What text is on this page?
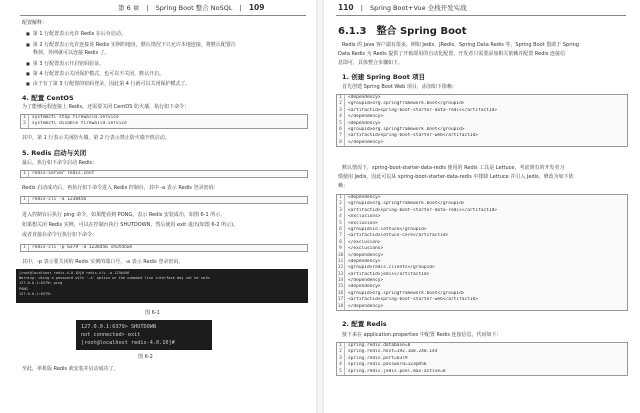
第 6 章 | Spring Boot 整合 NoSQL | 109
配置解释：
■ 第 1 行配置表示允许 Redis 在后台启动。
■ 第 2 行配置表示允许连接该 Redis 实例的地址，默认情况下只允许本地连接，将默认配置注
释掉，外网就可以连接 Redis 了。
■ 第 3 行配置表示开启密码验证。
■ 第 4 行配置表示关闭保护模式，也可以不关闭，默认开启。
■ 由于有了第 3 行配置的密码登录，因此第 4 行就可以关闭保护模式了。
4. 配置 CentOS
为了能够远程连接上 Redis，还需要关闭 CentOS 防火墙，执行如下命令：
1	systemctl stop firewalld.service
2	systemctl disable firewalld.service
其中，第 1 行表示关闭防火墙，第 2 行表示禁止防火墙开机启动。
5. Redis 启动与关闭
最后，执行如下命令启动 Redis：
1	redis-server redis.conf
Redis 启动成功后，再执行如下命令进入 Redis 控制台，其中 -a 表示 Redis 登录密码：
1	redis-cli -a 1238456
进入控制台后执行 ping 命令，如果能看到 PONG，表示 Redis 安装成功，如图 6-1 所示。
如果想关闭 Redis 实例，可以在控制台执行 SHUTDOWN，然后使用 exit 退出(如图 6-2 所示)。
或者直接在命令行执行如下命令：
1	redis-cli -p 6379 -a 1238456 shutdown
其中，-p 表示要关闭的 Redis 实例的端口号，-a 表示 Redis 登录密码。
[root@localhost redis-4.0.10]# redis-cli -a 123@456
Warning: Using a password with '-a' option on the command line interface may not be safe.
127.0.0.1:6379> ping
PONG
127.0.0.1:6379>
图 6-1
127.0.0.1:6379> SHUTDOWN
not connected> exit
[root@localhost redis-4.0.10]#
图 6-2
至此，单机版 Redis 就安装并启动成功了。
110 | Spring Boot+Vue 全栈开发实战
6.1.3 整合 Spring Boot
Redis 的 Java 客户端有很多，例如 Jedis、JRedis、Spring Data Redis 等，Spring Boot 借助于 Spring
Data Redis 为 Redis 提供了开箱即用的自动化配置，开发者只需要添加相关依赖并配置 Redis 连接信
息即可，具体整合步骤如下。
1. 创建 Spring Boot 项目
首先创建 Spring Boot Web 项目，添加如下依赖：
1	<dependency>
2	<groupId>org.springframework.boot</groupId>
3	<artifactId>spring-boot-starter-data-redis</artifactId>
4	</dependency>
5	<dependency>
6	<groupId>org.springframework.boot</groupId>
7	<artifactId>spring-boot-starter-web</artifactId>
8	</dependency>
默认情况下，spring-boot-starter-data-redis 使用的 Redis 工具是 Lettuce，考虑到有的开发者习
惯使用 Jedis，因此可以从 spring-boot-starter-data-redis 中排除 Lettuce 并引入 Jedis，修改为如下依
赖：
1	<dependency>
2	<groupId>org.springframework.boot</groupId>
3	<artifactId>spring-boot-starter-data-redis</artifactId>
4	<exclusions>
5	<exclusion>
6	<groupId>io.lettuce</groupId>
7	<artifactId>lettuce-core</artifactId>
8	</exclusion>
9	</exclusions>
10	</dependency>
11	<dependency>
12	<groupId>redis.clients</groupId>
13	<artifactId>jedis</artifactId>
14	</dependency>
15	<dependency>
16	<groupId>org.springframework.boot</groupId>
17	<artifactId>spring-boot-starter-web</artifactId>
18	</dependency>
2. 配置 Redis
接下来在 application.properties 中配置 Redis 连接信息，代码如下：
1	spring.redis.database=0
2	spring.redis.host=192.168.248.144
3	spring.redis.port=6379
4	spring.redis.password=123@456
5	spring.redis.jedis.pool.max-active=8
